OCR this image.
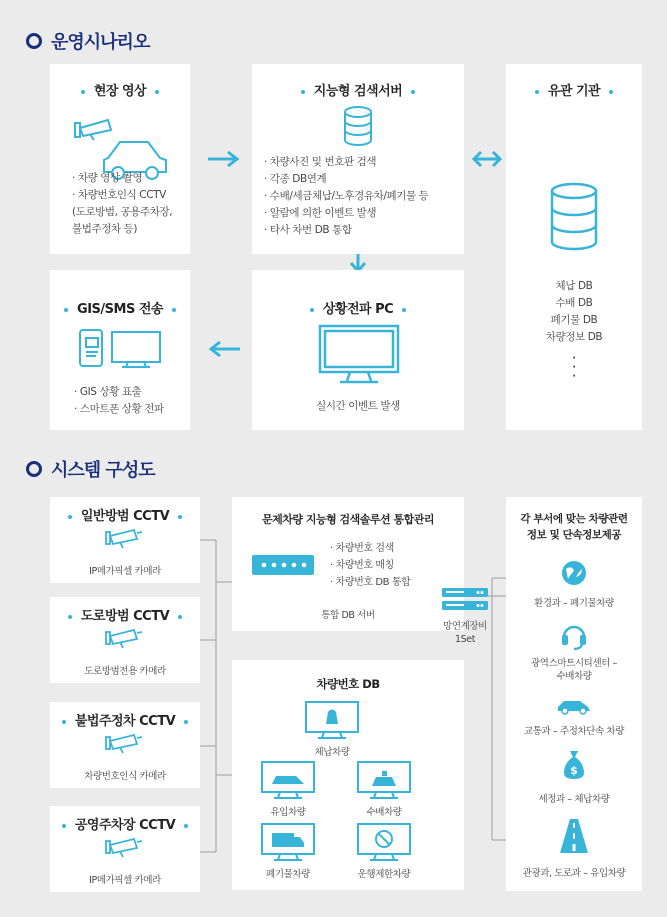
운영시나리오
현장 영상
· 차량 영상 촬영
· 차량번호인식 CCTV
(도로방범, 공용주차장,
불법주정차 등)
지능형 검색서버
· 차량사진 및 번호판 검색
· 각종 DB연계
· 수배/세금체납/노후경유차/폐기물 등
· 알람에 의한 이벤트 발생
· 타사 차번 DB 통합
유관 기관
체납 DB
수배 DB
폐기물 DB
차량정보 DB
·
·
·
GIS/SMS 전송
· GIS 상황 표출
· 스마트폰 상황 전파
상황전파 PC
실시간 이벤트 발생
시스템 구성도
일반방범 CCTV
IP메가픽셀 카메라
도로방범 CCTV
도로방범전용 카메라
불법주정차 CCTV
차량번호인식 카메라
공영주차장 CCTV
IP메가픽셀 카메라
문제차량 지능형 검색솔루션 통합관리
· 차량번호 검색
· 차량번호 매칭
· 차량번호 DB 통합
통합 DB 서버
망연계장비
1Set
차량번호 DB
체납차량
유입차량	수배차량
폐기물차량	운행제한차량
각 부서에 맞는 차량관련
정보 및 단속정보제공
환경과 – 폐기물차량
광역스마트시티센터 –
수배차량
교통과 – 주정차단속 차량
$
세정과 – 체납차량
관광과, 도로과 – 유입차량
